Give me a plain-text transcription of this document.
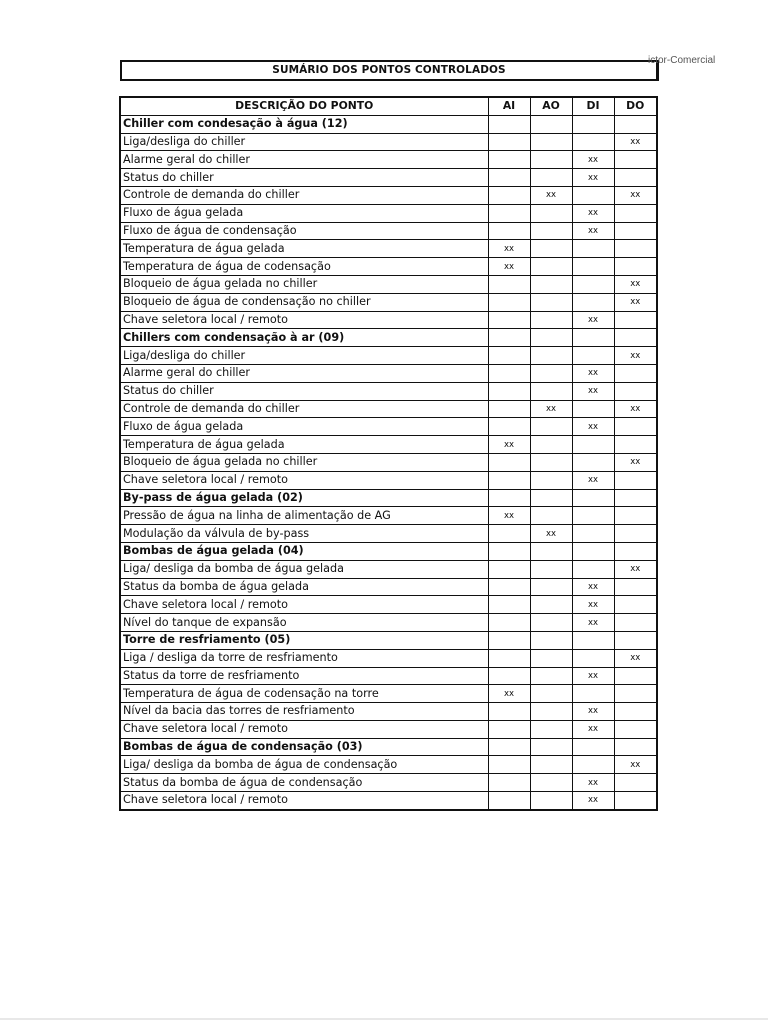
SUMÁRIO DOS PONTOS CONTROLADOS
ictor-Comercial
DESCRIÇÃO DO PONTO	AI	AO	DI	DO
Chiller com condesação à água (12)				
Liga/desliga do chiller				xx
Alarme geral do chiller			xx	
Status do chiller			xx	
Controle de demanda do chiller		xx		xx
Fluxo de água gelada			xx	
Fluxo de água de condensação			xx	
Temperatura de água gelada	xx			
Temperatura de água de codensação	xx			
Bloqueio de água gelada no chiller				xx
Bloqueio de água de condensação no chiller				xx
Chave seletora local / remoto			xx	
Chillers com condensação à ar (09)				
Liga/desliga do chiller				xx
Alarme geral do chiller			xx	
Status do chiller			xx	
Controle de demanda do chiller		xx		xx
Fluxo de água gelada			xx	
Temperatura de água gelada	xx			
Bloqueio de água gelada no chiller				xx
Chave seletora local / remoto			xx	
By-pass de água gelada (02)				
Pressão de água na linha de alimentação de AG	xx			
Modulação da válvula de by-pass		xx		
Bombas de água gelada (04)				
Liga/ desliga da bomba de água gelada				xx
Status da bomba de água gelada			xx	
Chave seletora local / remoto			xx	
Nível do tanque de expansão			xx	
Torre de resfriamento (05)				
Liga / desliga da torre de resfriamento				xx
Status da torre de resfriamento			xx	
Temperatura de água de codensação na torre	xx			
Nível da bacia das torres de resfriamento			xx	
Chave seletora local / remoto			xx	
Bombas de água de condensação (03)				
Liga/ desliga da bomba de água de condensação				xx
Status da bomba de água de condensação			xx	
Chave seletora local / remoto			xx	
